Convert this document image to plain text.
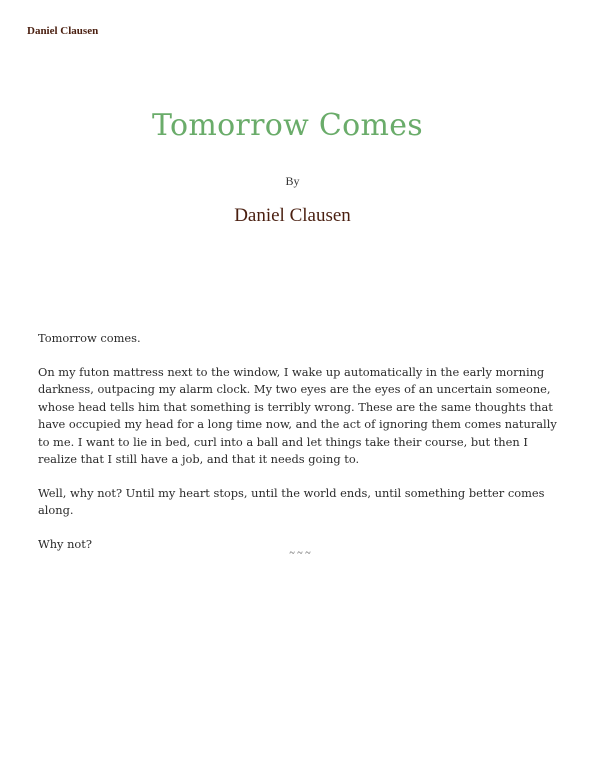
Daniel Clausen
Tomorrow Comes
By
Daniel Clausen

Tomorrow comes.

On my futon mattress next to the window, I wake up automatically in the early morning darkness, outpacing my alarm clock. My two eyes are the eyes of an uncertain someone, whose head tells him that something is terribly wrong. These are the same thoughts that have occupied my head for a long time now, and the act of ignoring them comes naturally to me. I want to lie in bed, curl into a ball and let things take their course, but then I realize that I still have a job, and that it needs going to.

Well, why not? Until my heart stops, until the world ends, until something better comes along.

Why not?

~ ~ ~
